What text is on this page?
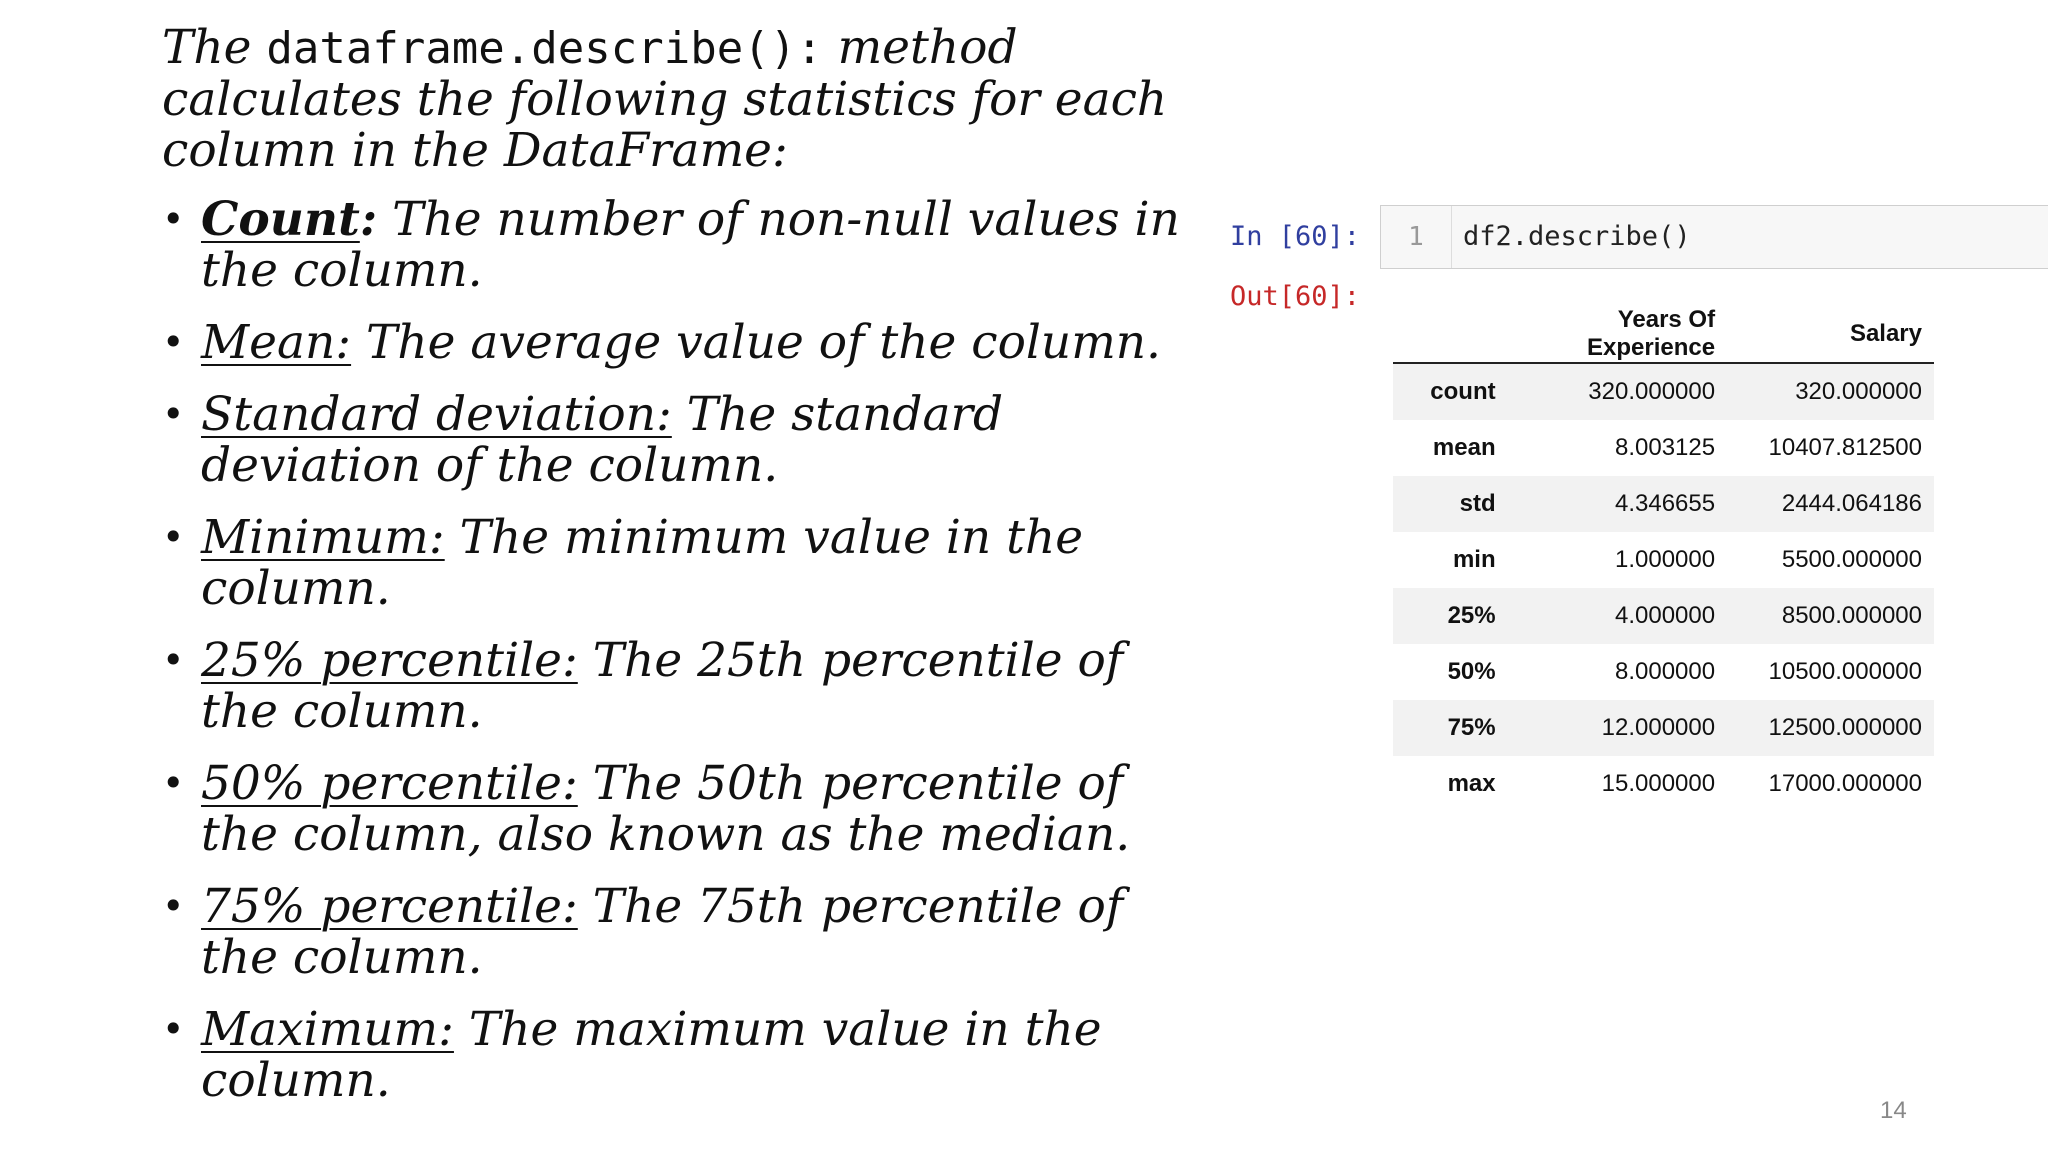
The dataframe.describe(): method calculates the following statistics for each column in the DataFrame:

• Count: The number of non-null values in the column.
• Mean: The average value of the column.
• Standard deviation: The standard deviation of the column.
• Minimum: The minimum value in the column.
• 25% percentile: The 25th percentile of the column.
• 50% percentile: The 50th percentile of the column, also known as the median.
• 75% percentile: The 75th percentile of the column.
• Maximum: The maximum value in the column.
In [60]:	1	df2.describe()
Out[60]:
	Years Of Experience	Salary
count	320.000000	320.000000
mean	8.003125	10407.812500
std	4.346655	2444.064186
min	1.000000	5500.000000
25%	4.000000	8500.000000
50%	8.000000	10500.000000
75%	12.000000	12500.000000
max	15.000000	17000.000000
14
